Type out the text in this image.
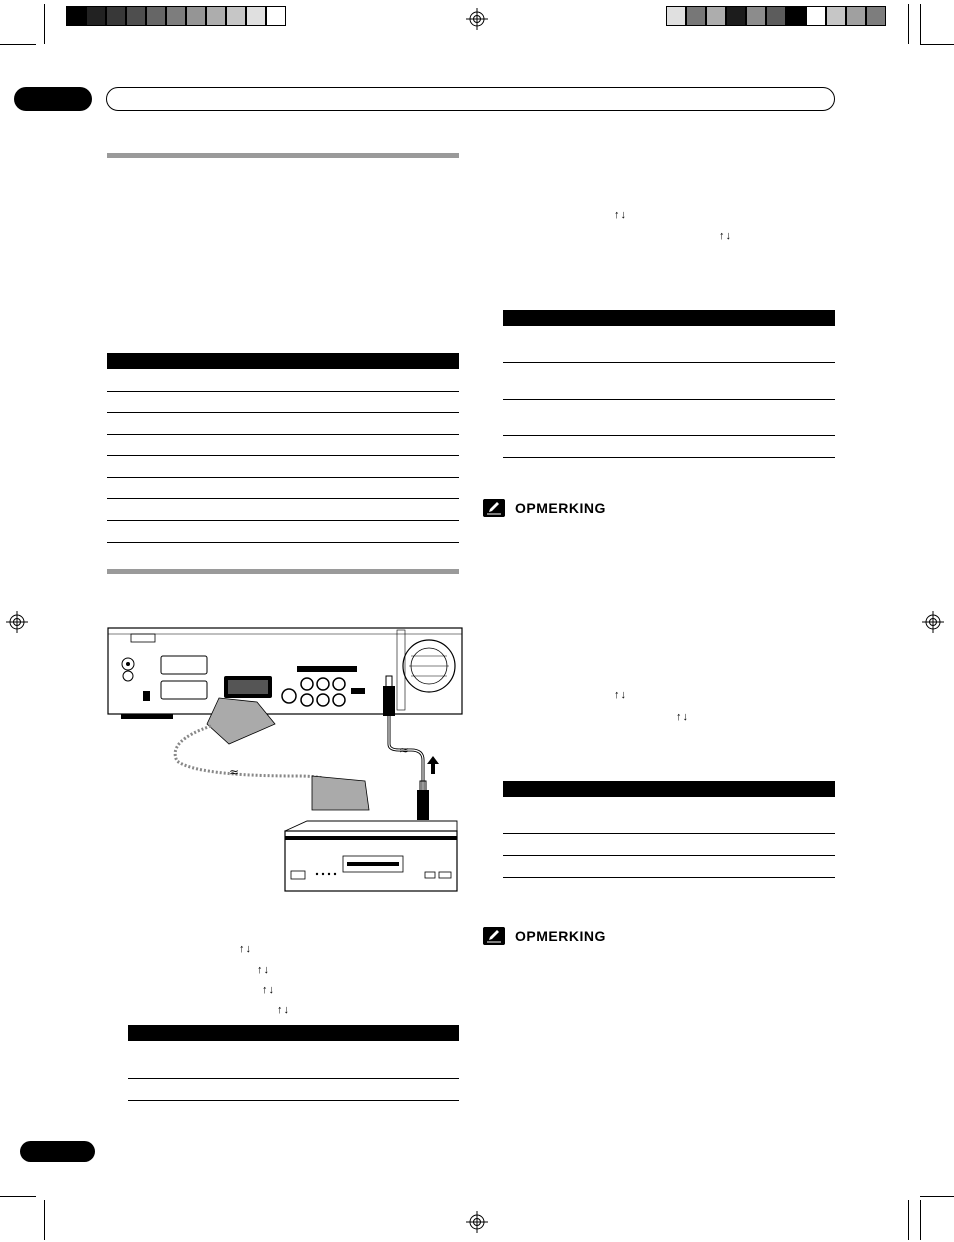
≈
≈
↑↓
↑↓
↑↓
↑↓
↑↓
↑↓
OPMERKING
↑↓
↑↓
OPMERKING
